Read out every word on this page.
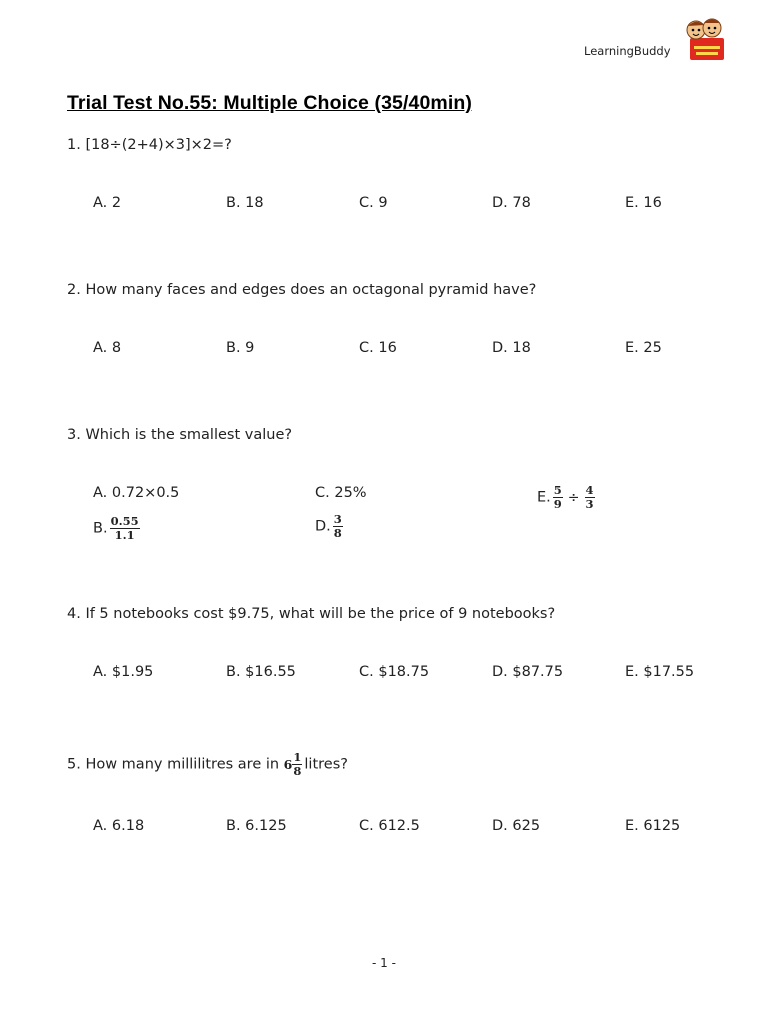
LearningBuddy
Trial Test No.55: Multiple Choice (35/40min)
1. [18÷(2+4)×3]×2=?
A. 2	B. 18	C. 9	D. 78	E. 16
2. How many faces and edges does an octagonal pyramid have?
A. 8	B. 9	C. 16	D. 18	E. 25
3. Which is the smallest value?
A. 0.72×0.5
B. $\frac{0.55}{1.1}$
C. 25%
D. $\frac{3}{8}$
E. $\frac{5}{9} \div \frac{4}{3}$
4. If 5 notebooks cost $9.75, what will be the price of 9 notebooks?
A. $1.95	B. $16.55	C. $18.75	D. $87.75	E. $17.55
5. How many millilitres are in $6 \frac{1}{8}$ litres?
A. 6.18	B. 6.125	C. 612.5	D. 625	E. 6125
- 1 -
